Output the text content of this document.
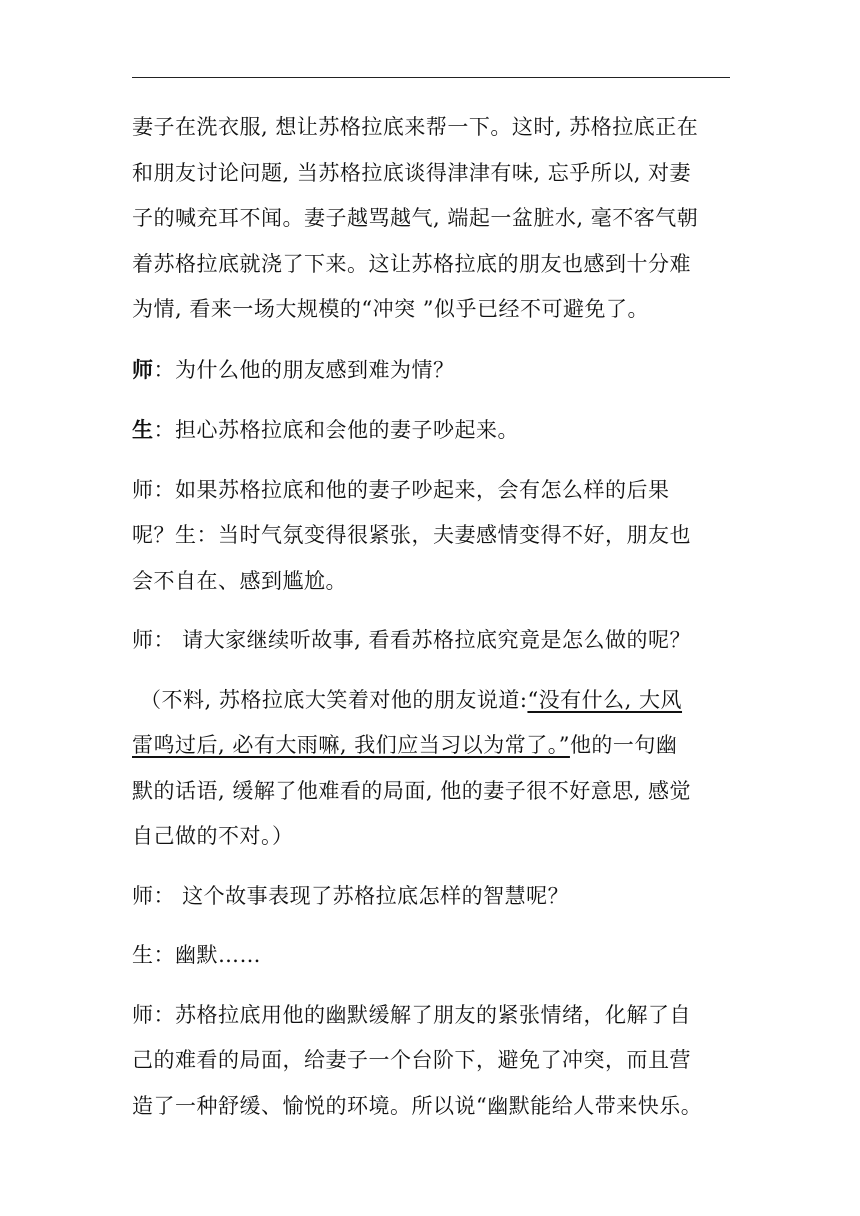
妻子在洗衣服, 想让苏格拉底来帮一下。这时, 苏格拉底正在
和朋友讨论问题, 当苏格拉底谈得津津有味, 忘乎所以, 对妻
子的喊充耳不闻。妻子越骂越气, 端起一盆脏水, 毫不客气朝
着苏格拉底就浇了下来。这让苏格拉底的朋友也感到十分难
为情, 看来一场大规模的“冲突 ”似乎已经不可避免了。

师：为什么他的朋友感到难为情？

生：担心苏格拉底和会他的妻子吵起来。

师：如果苏格拉底和他的妻子吵起来，会有怎么样的后果
呢？生：当时气氛变得很紧张，夫妻感情变得不好，朋友也
会不自在、感到尴尬。

师： 请大家继续听故事, 看看苏格拉底究竟是怎么做的呢？

（不料, 苏格拉底大笑着对他的朋友说道:“没有什么, 大风
雷鸣过后, 必有大雨嘛, 我们应当习以为常了。”他的一句幽
默的话语, 缓解了他难看的局面, 他的妻子很不好意思, 感觉
自己做的不对。）

师： 这个故事表现了苏格拉底怎样的智慧呢？

生：幽默……

师：苏格拉底用他的幽默缓解了朋友的紧张情绪，化解了自
己的难看的局面，给妻子一个台阶下，避免了冲突，而且营
造了一种舒缓、愉悦的环境。所以说“幽默能给人带来快乐。
